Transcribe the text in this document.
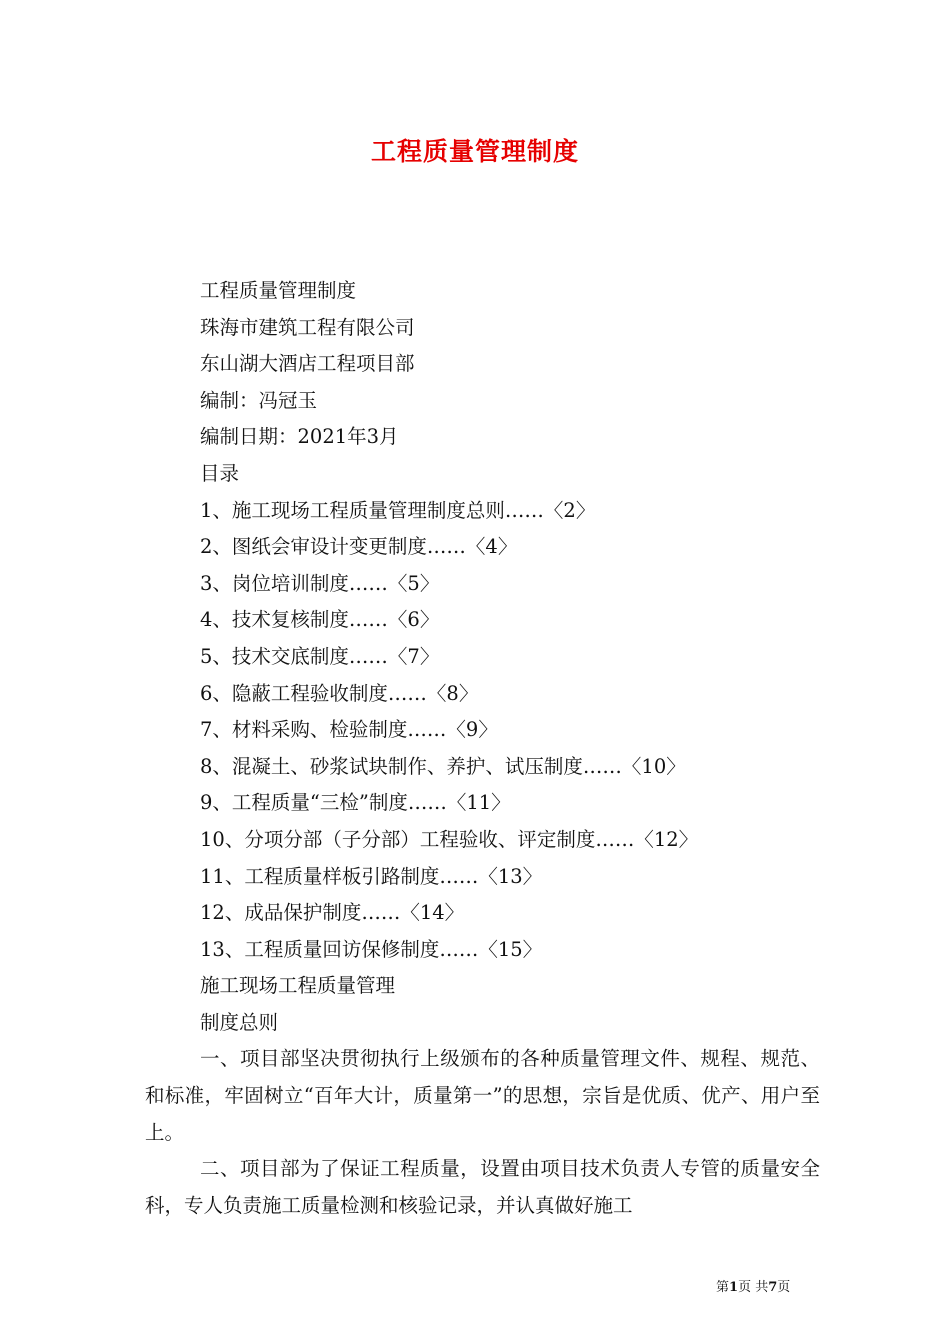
工程质量管理制度

工程质量管理制度

珠海市建筑工程有限公司

东山湖大酒店工程项目部

编制：冯冠玉

编制日期：2021年3月

目录

1、施工现场工程质量管理制度总则……〈2〉

2、图纸会审设计变更制度……〈4〉

3、岗位培训制度……〈5〉

4、技术复核制度……〈6〉

5、技术交底制度……〈7〉

6、隐蔽工程验收制度……〈8〉

7、材料采购、检验制度……〈9〉

8、混凝土、砂浆试块制作、养护、试压制度……〈10〉

9、工程质量“三检”制度……〈11〉

10、分项分部（子分部）工程验收、评定制度……〈12〉

11、工程质量样板引路制度……〈13〉

12、成品保护制度……〈14〉

13、工程质量回访保修制度……〈15〉

施工现场工程质量管理

制度总则

一、项目部坚决贯彻执行上级颁布的各种质量管理文件、规程、规范、和标准，牢固树立“百年大计，质量第一”的思想，宗旨是优质、优产、用户至上。

二、项目部为了保证工程质量，设置由项目技术负责人专管的质量安全科，专人负责施工质量检测和核验记录，并认真做好施工

第1页 共7页
